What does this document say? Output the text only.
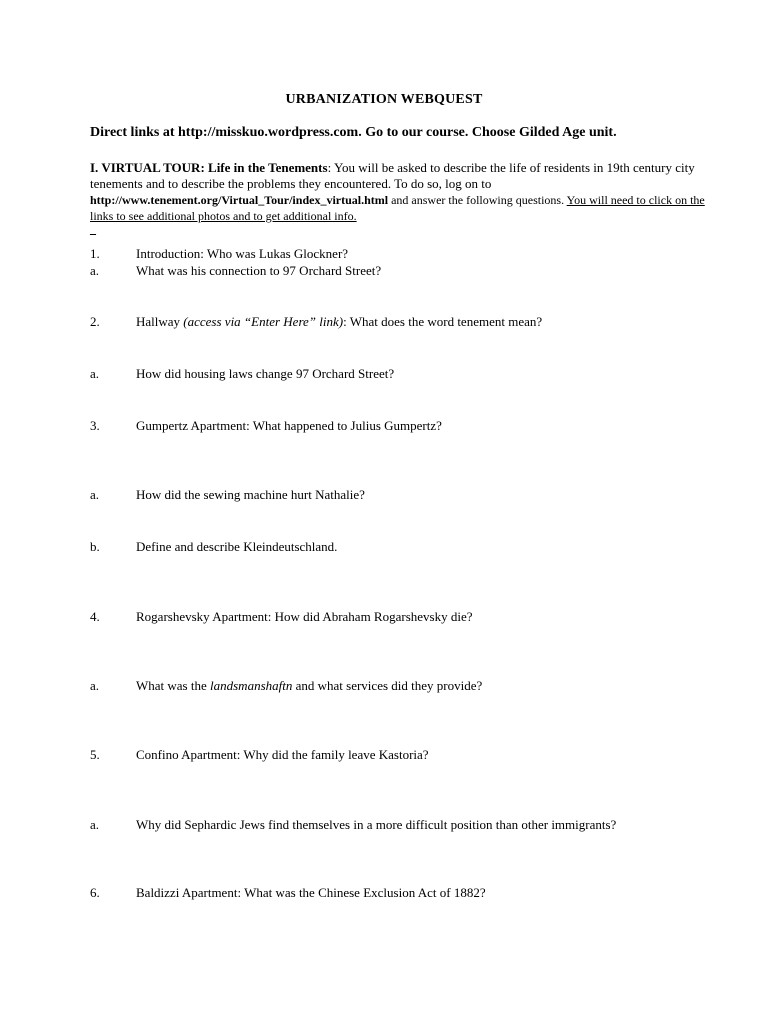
URBANIZATION WEBQUEST
Direct links at http://misskuo.wordpress.com. Go to our course. Choose Gilded Age unit.
I. VIRTUAL TOUR: Life in the Tenements: You will be asked to describe the life of residents in 19th century city tenements and to describe the problems they encountered. To do so, log on to
http://www.tenement.org/Virtual_Tour/index_virtual.html and answer the following questions. You will need to click on the links to see additional photos and to get additional info.
_
1.	Introduction: Who was Lukas Glockner?
a.	What was his connection to 97 Orchard Street?
2.	Hallway (access via “Enter Here” link): What does the word tenement mean?
a.	How did housing laws change 97 Orchard Street?
3.	Gumpertz Apartment: What happened to Julius Gumpertz?
a.	How did the sewing machine hurt Nathalie?
b.	Define and describe Kleindeutschland.
4.	Rogarshevsky Apartment: How did Abraham Rogarshevsky die?
a.	What was the landsmanshaftn and what services did they provide?
5.	Confino Apartment: Why did the family leave Kastoria?
a.	Why did Sephardic Jews find themselves in a more difficult position than other immigrants?
6.	Baldizzi Apartment: What was the Chinese Exclusion Act of 1882?
